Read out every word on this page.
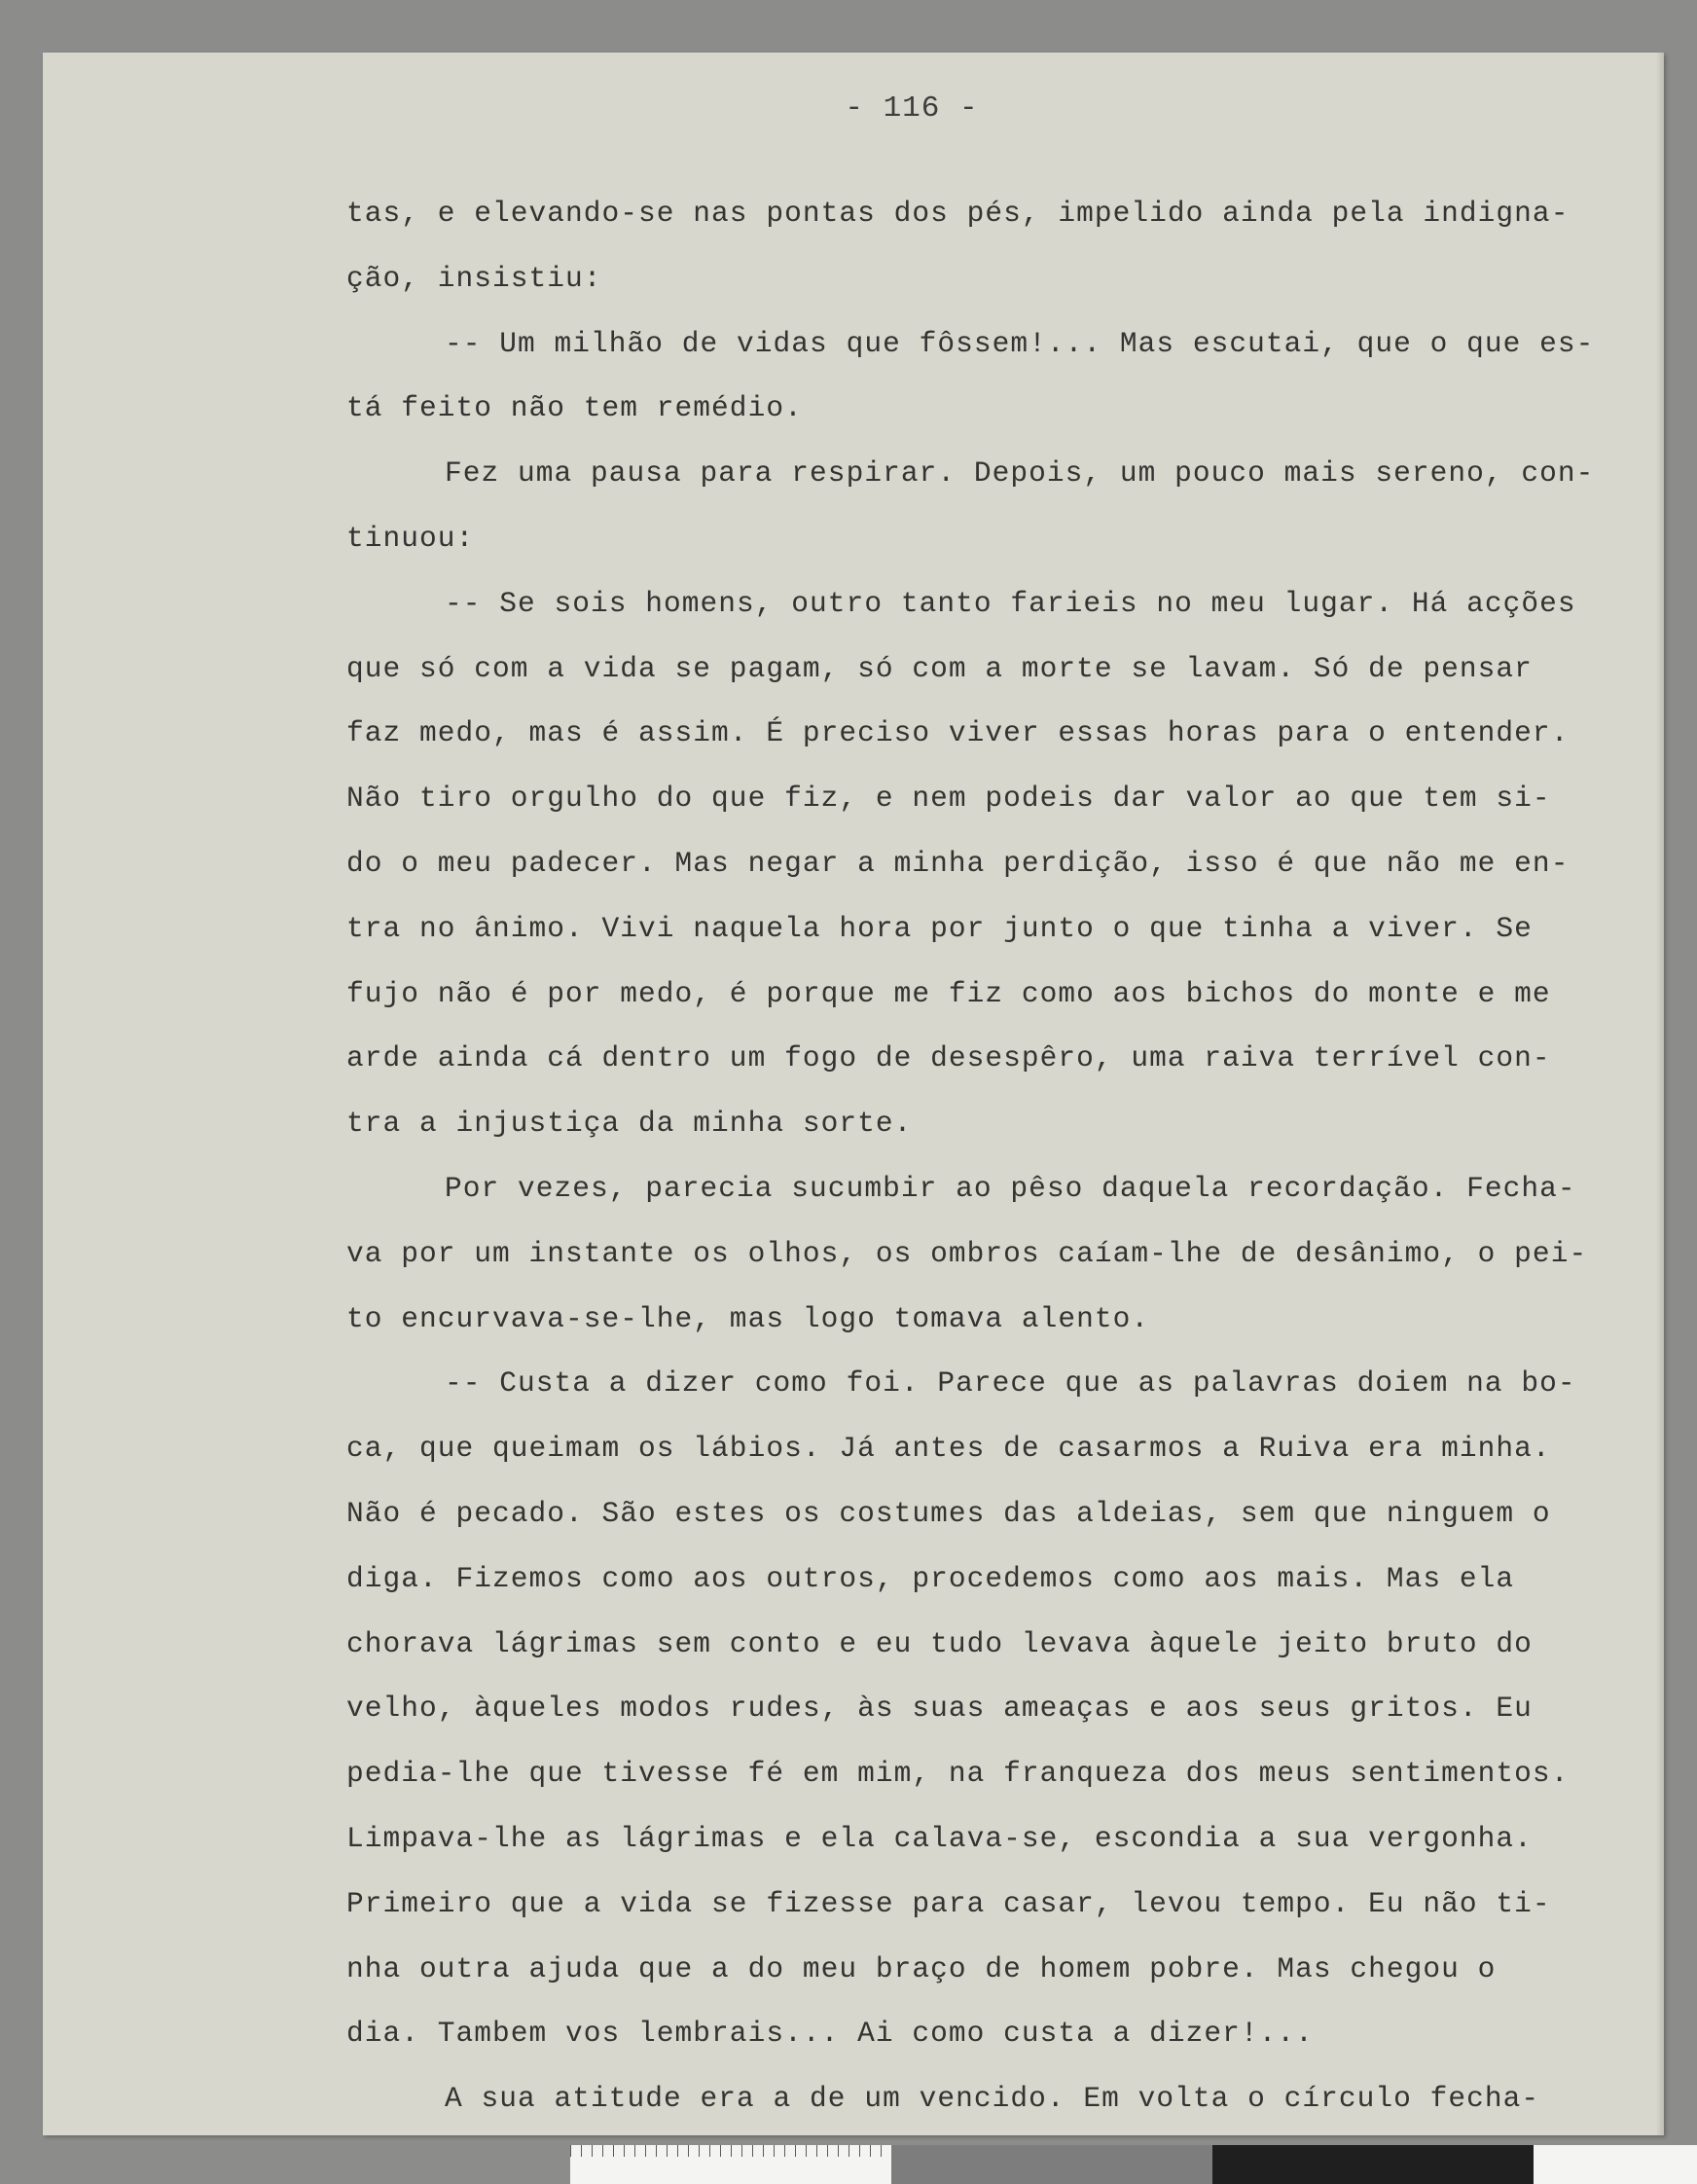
- 116 -
tas, e elevando-se nas pontas dos pés, impelido ainda pela indigna-
ção, insistiu:
-- Um milhão de vidas que fôssem!... Mas escutai, que o que es-
tá feito não tem remédio.
Fez uma pausa para respirar. Depois, um pouco mais sereno, con-
tinuou:
-- Se sois homens, outro tanto farieis no meu lugar. Há acções
que só com a vida se pagam, só com a morte se lavam. Só de pensar
faz medo, mas é assim. É preciso viver essas horas para o entender.
Não tiro orgulho do que fiz, e nem podeis dar valor ao que tem si-
do o meu padecer. Mas negar a minha perdição, isso é que não me en-
tra no ânimo. Vivi naquela hora por junto o que tinha a viver. Se
fujo não é por medo, é porque me fiz como aos bichos do monte e me
arde ainda cá dentro um fogo de desespêro, uma raiva terrível con-
tra a injustiça da minha sorte.
Por vezes, parecia sucumbir ao pêso daquela recordação. Fecha-
va por um instante os olhos, os ombros caíam-lhe de desânimo, o pei-
to encurvava-se-lhe, mas logo tomava alento.
-- Custa a dizer como foi. Parece que as palavras doiem na bo-
ca, que queimam os lábios. Já antes de casarmos a Ruiva era minha.
Não é pecado. São estes os costumes das aldeias, sem que ninguem o
diga. Fizemos como aos outros, procedemos como aos mais. Mas ela
chorava lágrimas sem conto e eu tudo levava àquele jeito bruto do
velho, àqueles modos rudes, às suas ameaças e aos seus gritos. Eu
pedia-lhe que tivesse fé em mim, na franqueza dos meus sentimentos.
Limpava-lhe as lágrimas e ela calava-se, escondia a sua vergonha.
Primeiro que a vida se fizesse para casar, levou tempo. Eu não ti-
nha outra ajuda que a do meu braço de homem pobre. Mas chegou o
dia. Tambem vos lembrais... Ai como custa a dizer!...
A sua atitude era a de um vencido. Em volta o círculo fecha-
